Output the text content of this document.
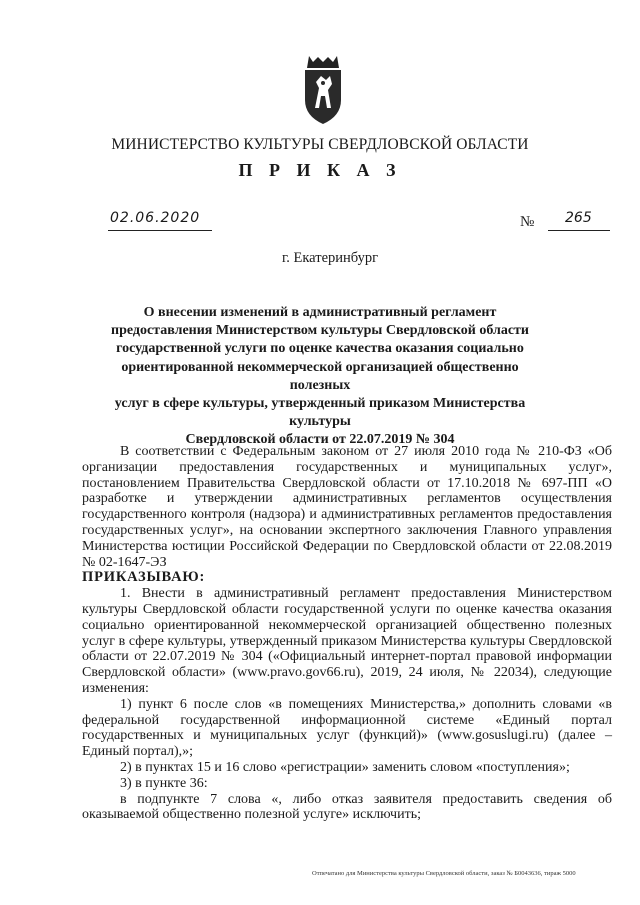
МИНИСТЕРСТВО КУЛЬТУРЫ СВЕРДЛОВСКОЙ ОБЛАСТИ
П Р И К А З
02.06.2020	№ 265
г. Екатеринбург
О внесении изменений в административный регламент
предоставления Министерством культуры Свердловской области
государственной услуги по оценке качества оказания социально
ориентированной некоммерческой организацией общественно полезных
услуг в сфере культуры, утвержденный приказом Министерства культуры
Свердловской области от 22.07.2019 № 304

В соответствии с Федеральным законом от 27 июля 2010 года № 210-ФЗ «Об организации предоставления государственных и муниципальных услуг», постановлением Правительства Свердловской области от 17.10.2018 № 697-ПП «О разработке и утверждении административных регламентов осуществления государственного контроля (надзора) и административных регламентов предоставления государственных услуг», на основании экспертного заключения Главного управления Министерства юстиции Российской Федерации по Свердловской области от 22.08.2019 № 02-1647-ЭЗ

ПРИКАЗЫВАЮ:

1. Внести в административный регламент предоставления Министерством культуры Свердловской области государственной услуги по оценке качества оказания социально ориентированной некоммерческой организацией общественно полезных услуг в сфере культуры, утвержденный приказом Министерства культуры Свердловской области от 22.07.2019 № 304 («Официальный интернет-портал правовой информации Свердловской области» (www.pravo.gov66.ru), 2019, 24 июля, № 22034), следующие изменения:

1) пункт 6 после слов «в помещениях Министерства,» дополнить словами «в федеральной государственной информационной системе «Единый портал государственных и муниципальных услуг (функций)» (www.gosuslugi.ru) (далее – Единый портал),»;

2) в пунктах 15 и 16 слово «регистрации» заменить словом «поступления»;

3) в пункте 36:

в подпункте 7 слова «, либо отказ заявителя предоставить сведения об оказываемой общественно полезной услуге» исключить;

Отпечатано для Министерства культуры Свердловской области, заказ № Б0043636, тираж 5000
